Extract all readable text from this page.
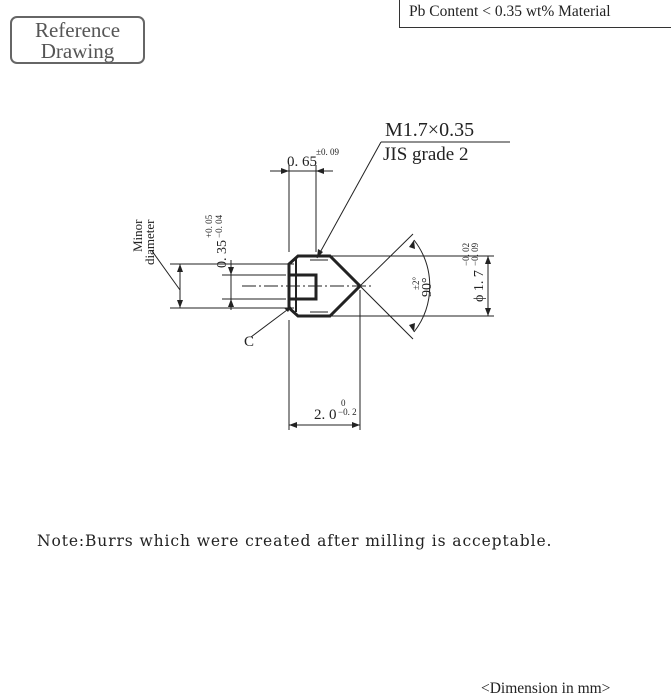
Reference
Drawing
Pb Content < 0.35 wt% Material
M1.7×0.35
JIS grade 2
0. 65
±0. 09
0. 35
+0. 05 −0. 04
Minor
diameter
90°
±2°	ϕ 1. 7
−0. 02 −0. 09
C
2. 0
0
−0. 2
Note:Burrs which were created after milling is acceptable.
<Dimension in mm>
